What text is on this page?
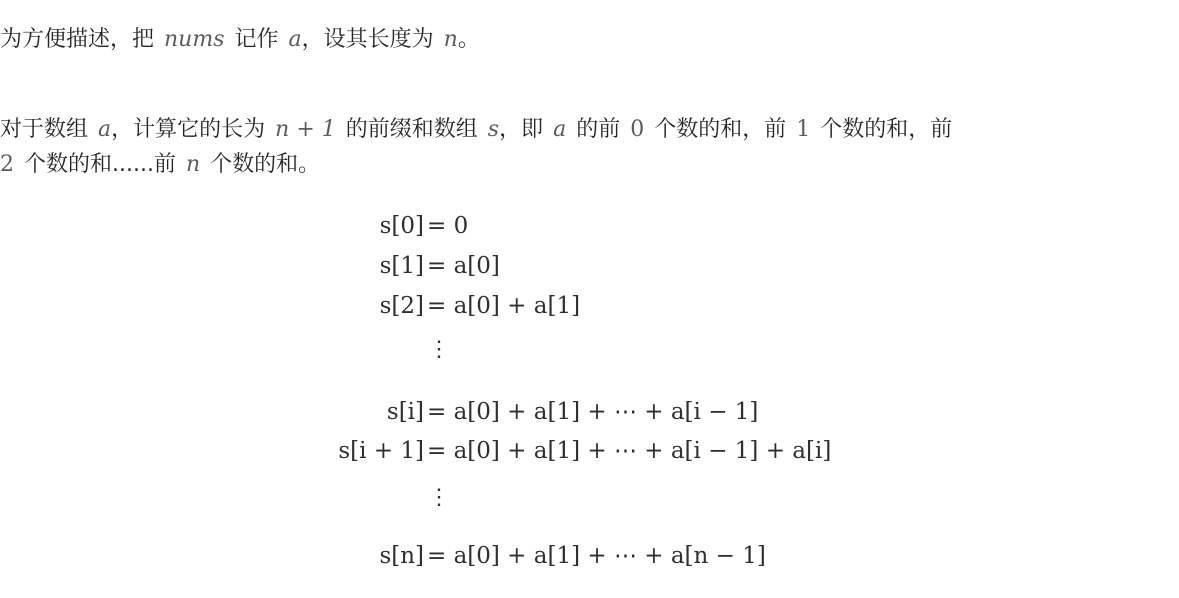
为方便描述，把 nums 记作 a，设其长度为 n。
对于数组 a，计算它的长为 n + 1 的前缀和数组 s，即 a 的前 0 个数的和，前 1 个数的和，前
2 个数的和......前 n 个数的和。
s[0] = 0
s[1] = a[0]
s[2] = a[0] + a[1]
⋮
s[i] = a[0] + a[1] + ⋯ + a[i − 1]
s[i + 1] = a[0] + a[1] + ⋯ + a[i − 1] + a[i]
⋮
s[n] = a[0] + a[1] + ⋯ + a[n − 1]
